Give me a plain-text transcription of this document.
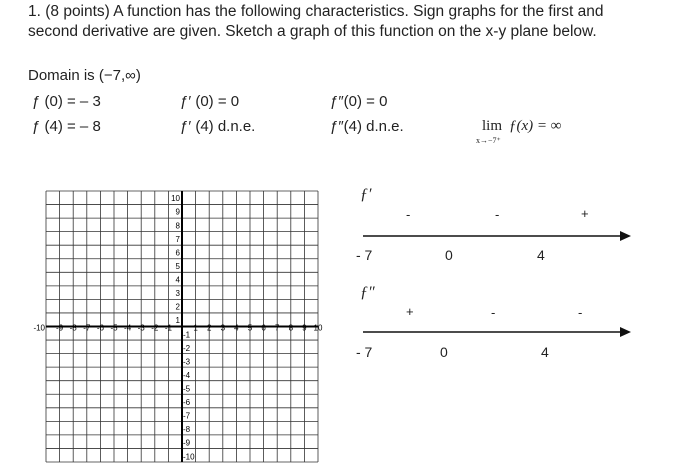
1. (8 points) A function has the following characteristics. Sign graphs for the first and
second derivative are given. Sketch a graph of this function on the x-y plane below.
Domain is (−7,∞)
ƒ (0) = – 3	ƒ′ (0) = 0	ƒ″(0) = 0
ƒ (4) = – 8	ƒ′ (4) d.n.e.	ƒ″(4) d.n.e.	lim
x→−7⁺
ƒ(x) = ∞
-10 -9 -8 -7 -6 -5 -4 -3 -2 -1	1 2 3 4 5 6 7 8 9 10
10
9
8
7
6
5
4
3
2
1
-1
-2
-3
-4
-5
-6
-7
-8
-9
-10
ƒ′
-	-	+
- 7	0	4
ƒ″
+	-	-
- 7	0	4
